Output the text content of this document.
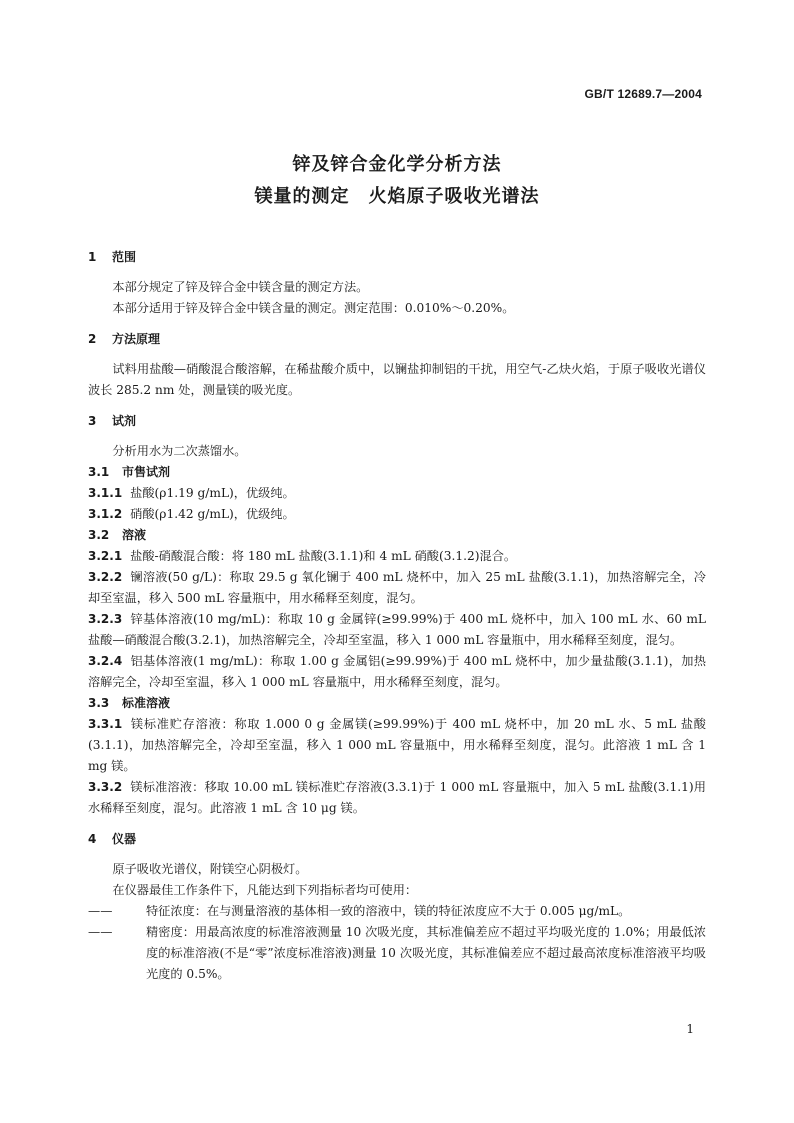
GB/T 12689.7—2004
锌及锌合金化学分析方法
镁量的测定　火焰原子吸收光谱法
1 范围

本部分规定了锌及锌合金中镁含量的测定方法。

本部分适用于锌及锌合金中镁含量的测定。测定范围：0.010%～0.20%。

2 方法原理

试料用盐酸—硝酸混合酸溶解，在稀盐酸介质中，以镧盐抑制铝的干扰，用空气-乙炔火焰，于原子吸收光谱仪波长 285.2 nm 处，测量镁的吸光度。

3 试剂

分析用水为二次蒸馏水。

3.1 市售试剂

3.1.1 盐酸(ρ1.19 g/mL)，优级纯。

3.1.2 硝酸(ρ1.42 g/mL)，优级纯。

3.2 溶液

3.2.1 盐酸-硝酸混合酸：将 180 mL 盐酸(3.1.1)和 4 mL 硝酸(3.1.2)混合。

3.2.2 镧溶液(50 g/L)：称取 29.5 g 氧化镧于 400 mL 烧杯中，加入 25 mL 盐酸(3.1.1)，加热溶解完全，冷却至室温，移入 500 mL 容量瓶中，用水稀释至刻度，混匀。

3.2.3 锌基体溶液(10 mg/mL)：称取 10 g 金属锌(≥99.99%)于 400 mL 烧杯中，加入 100 mL 水、60 mL盐酸—硝酸混合酸(3.2.1)，加热溶解完全，冷却至室温，移入 1 000 mL 容量瓶中，用水稀释至刻度，混匀。

3.2.4 铝基体溶液(1 mg/mL)：称取 1.00 g 金属铝(≥99.99%)于 400 mL 烧杯中，加少量盐酸(3.1.1)，加热溶解完全，冷却至室温，移入 1 000 mL 容量瓶中，用水稀释至刻度，混匀。

3.3 标准溶液

3.3.1 镁标准贮存溶液：称取 1.000 0 g 金属镁(≥99.99%)于 400 mL 烧杯中，加 20 mL 水、5 mL 盐酸(3.1.1)，加热溶解完全，冷却至室温，移入 1 000 mL 容量瓶中，用水稀释至刻度，混匀。此溶液 1 mL 含 1 mg 镁。

3.3.2 镁标准溶液：移取 10.00 mL 镁标准贮存溶液(3.3.1)于 1 000 mL 容量瓶中，加入 5 mL 盐酸(3.1.1)用水稀释至刻度，混匀。此溶液 1 mL 含 10 μg 镁。

4 仪器

原子吸收光谱仪，附镁空心阴极灯。

在仪器最佳工作条件下，凡能达到下列指标者均可使用：

——	特征浓度：在与测量溶液的基体相一致的溶液中，镁的特征浓度应不大于 0.005 μg/mL。

——	精密度：用最高浓度的标准溶液测量 10 次吸光度，其标准偏差应不超过平均吸光度的 1.0%；用最低浓度的标准溶液(不是“零”浓度标准溶液)测量 10 次吸光度，其标准偏差应不超过最高浓度标准溶液平均吸光度的 0.5%。

1
